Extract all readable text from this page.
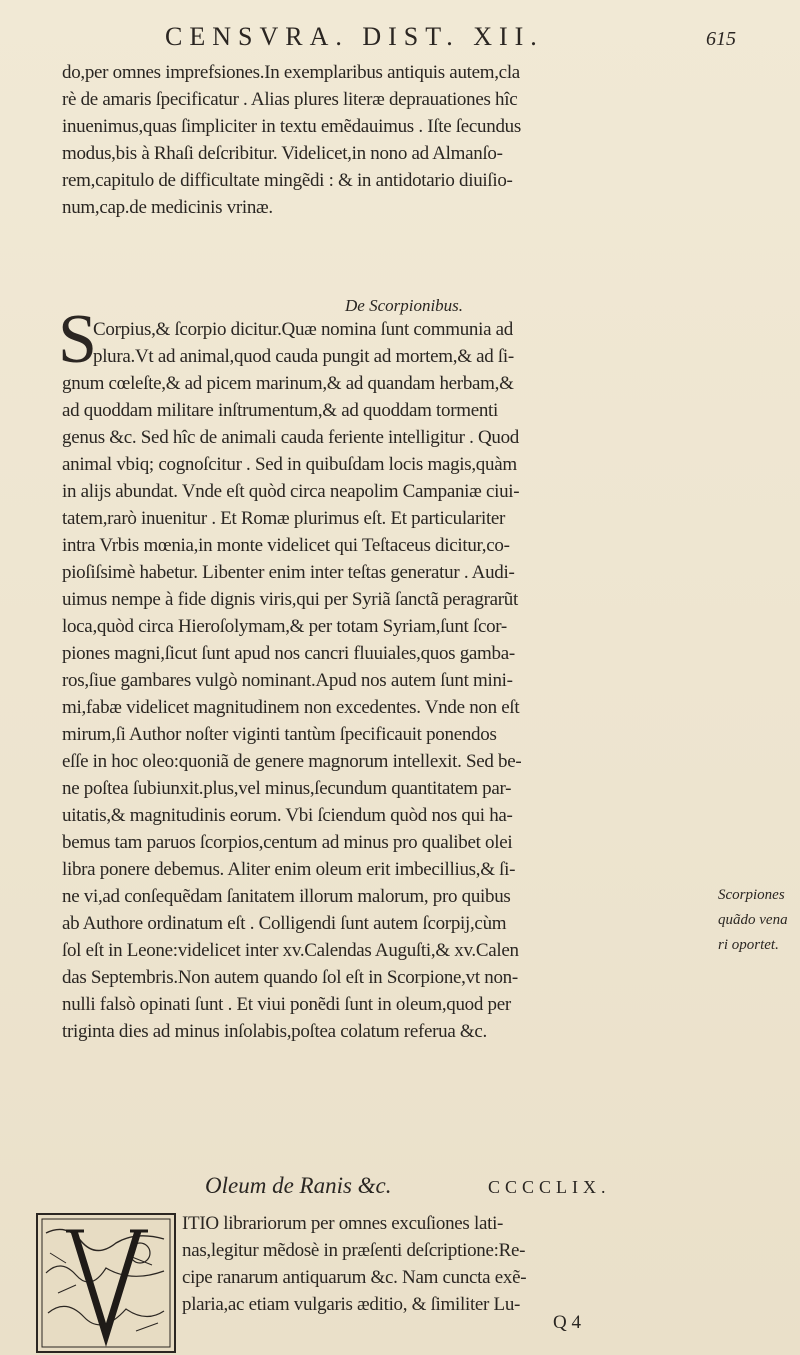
CENSVRA. DIST. XII.	615
do,per omnes imprefsiones.In exemplaribus antiquis autem,cla
rè de amaris ſpecificatur . Alias plures literæ deprauationes hîc
inuenimus,quas ſimpliciter in textu emẽdauimus . Iſte ſecundus
modus,bis à Rhaſi deſcribitur. Videlicet,in nono ad Almanſo-
rem,capitulo de difficultate mingẽdi : & in antidotario diuiſio-
num,cap.de medicinis vrinæ.
De Scorpionibus.
S
Corpius,& ſcorpio dicitur.Quæ nomina ſunt communia ad
plura.Vt ad animal,quod cauda pungit ad mortem,& ad ſi-
gnum cœleſte,& ad picem marinum,& ad quandam herbam,&
ad quoddam militare inſtrumentum,& ad quoddam tormenti
genus &c. Sed hîc de animali cauda feriente intelligitur . Quod
animal vbiq; cognoſcitur . Sed in quibuſdam locis magis,quàm
in alijs abundat. Vnde eſt quòd circa neapolim Campaniæ ciui-
tatem,rarò inuenitur . Et Romæ plurimus eſt. Et particulariter
intra Vrbis mœnia,in monte videlicet qui Teſtaceus dicitur,co-
pioſiſsimè habetur. Libenter enim inter teſtas generatur . Audi-
uimus nempe à fide dignis viris,qui per Syriã ſanctã peragrarũt
loca,quòd circa Hieroſolymam,& per totam Syriam,ſunt ſcor-
piones magni,ſicut ſunt apud nos cancri fluuiales,quos gamba-
ros,ſiue gambares vulgò nominant.Apud nos autem ſunt mini-
mi,fabæ videlicet magnitudinem non excedentes. Vnde non eſt
mirum,ſi Author noſter viginti tantùm ſpecificauit ponendos
eſſe in hoc oleo:quoniã de genere magnorum intellexit. Sed be-
ne poſtea ſubiunxit.plus,vel minus,ſecundum quantitatem par-
uitatis,& magnitudinis eorum. Vbi ſciendum quòd nos qui ha-
bemus tam paruos ſcorpios,centum ad minus pro qualibet olei
libra ponere debemus. Aliter enim oleum erit imbecillius,& ſi-
ne vi,ad conſequẽdam ſanitatem illorum malorum, pro quibus
ab Authore ordinatum eſt . Colligendi ſunt autem ſcorpij,cùm
ſol eſt in Leone:videlicet inter xv.Calendas Auguſti,& xv.Calen
das Septembris.Non autem quando ſol eſt in Scorpione,vt non-
nulli falsò opinati ſunt . Et viui ponẽdi ſunt in oleum,quod per
triginta dies ad minus inſolabis,poſtea colatum referua &c.
Scorpiones
quãdo vena
ri oportet.
Oleum de Ranis &c.	CCCCLIX.
ITIO librariorum per omnes excuſiones lati-
nas,legitur mẽdosè in præſenti deſcriptione:Re-
cipe ranarum antiquarum &c. Nam cuncta exẽ-
plaria,ac etiam vulgaris æditio, & ſimiliter Lu-
Q 4
